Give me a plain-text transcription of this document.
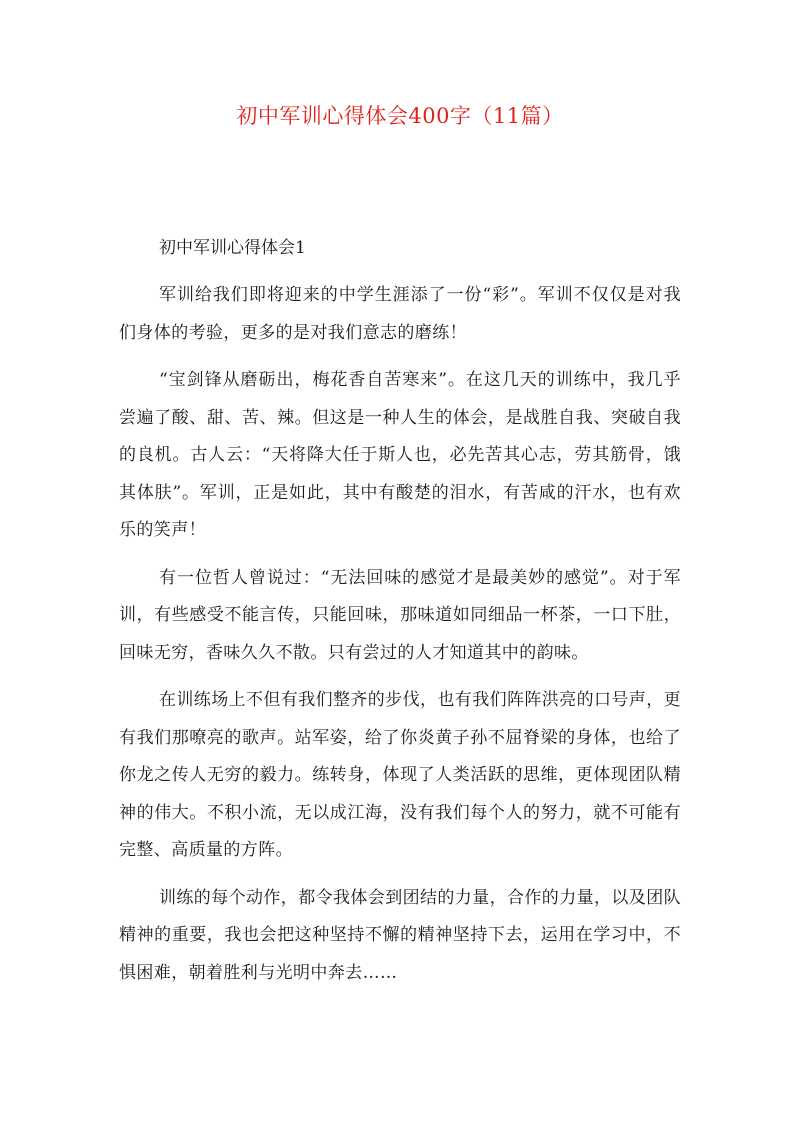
初中军训心得体会400字（11篇）

初中军训心得体会1

军训给我们即将迎来的中学生涯添了一份“彩”。军训不仅仅是对我们身体的考验，更多的是对我们意志的磨练！

“宝剑锋从磨砺出，梅花香自苦寒来”。在这几天的训练中，我几乎尝遍了酸、甜、苦、辣。但这是一种人生的体会，是战胜自我、突破自我的良机。古人云：“天将降大任于斯人也，必先苦其心志，劳其筋骨，饿其体肤”。军训，正是如此，其中有酸楚的泪水，有苦咸的汗水，也有欢乐的笑声！

有一位哲人曾说过：“无法回味的感觉才是最美妙的感觉”。对于军训，有些感受不能言传，只能回味，那味道如同细品一杯茶，一口下肚，回味无穷，香味久久不散。只有尝过的人才知道其中的韵味。

在训练场上不但有我们整齐的步伐，也有我们阵阵洪亮的口号声，更有我们那嘹亮的歌声。站军姿，给了你炎黄子孙不屈脊梁的身体，也给了你龙之传人无穷的毅力。练转身，体现了人类活跃的思维，更体现团队精神的伟大。不积小流，无以成江海，没有我们每个人的努力，就不可能有完整、高质量的方阵。

训练的每个动作，都令我体会到团结的力量，合作的力量，以及团队精神的重要，我也会把这种坚持不懈的精神坚持下去，运用在学习中，不惧困难，朝着胜利与光明中奔去……
